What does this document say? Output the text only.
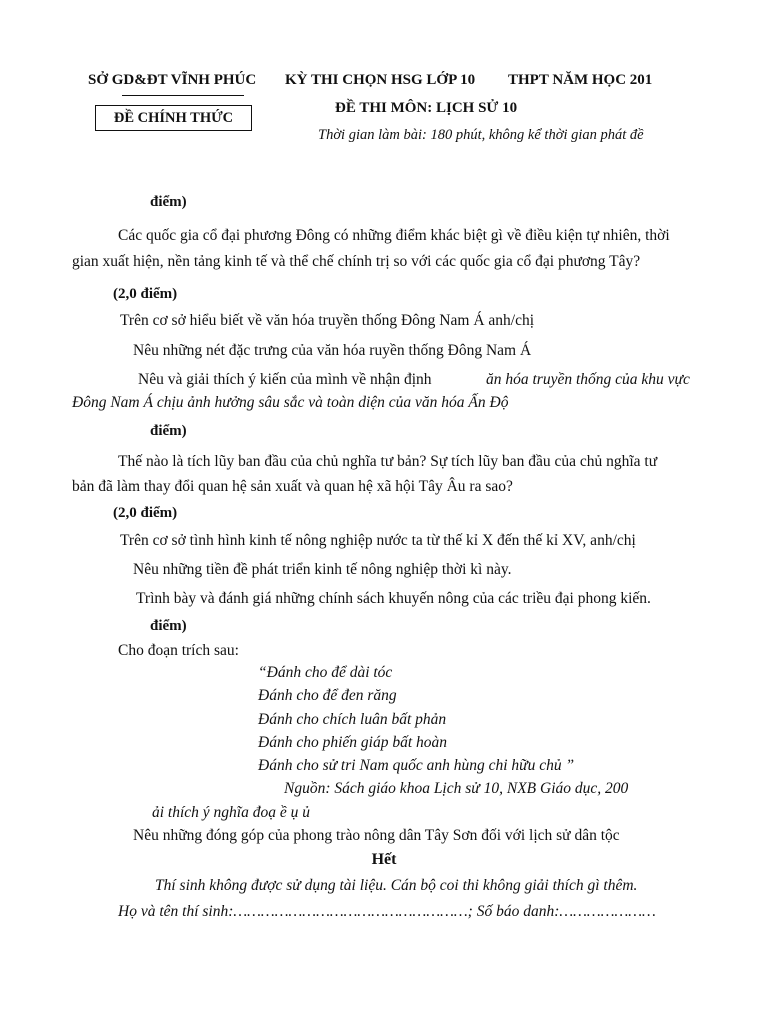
SỞ GD&ĐT VĨNH PHÚC KỲ THI CHỌN HSG LỚP 10 THPT NĂM HỌC 201
ĐỀ CHÍNH THỨC
ĐỀ THI MÔN: LỊCH SỬ 10
Thời gian làm bài: 180 phút, không kể thời gian phát đề
điểm)
Các quốc gia cổ đại phương Đông có những điểm khác biệt gì về điều kiện tự nhiên, thời
gian xuất hiện, nền tảng kinh tế và thể chế chính trị so với các quốc gia cổ đại phương Tây?
(2,0 điểm)
Trên cơ sở hiểu biết về văn hóa truyền thống Đông Nam Á anh/chị
Nêu những nét đặc trưng của văn hóa ruyền thống Đông Nam Á
Nêu và giải thích ý kiến của mình về nhận định	ăn hóa truyền thống của khu vực
Đông Nam Á chịu ảnh hưởng sâu sắc và toàn diện của văn hóa Ấn Độ
điểm)
Thế nào là tích lũy ban đầu của chủ nghĩa tư bản? Sự tích lũy ban đầu của chủ nghĩa tư
bản đã làm thay đổi quan hệ sản xuất và quan hệ xã hội Tây Âu ra sao?
(2,0 điểm)
Trên cơ sở tình hình kinh tế nông nghiệp nước ta từ thế kỉ X đến thế kỉ XV, anh/chị
Nêu những tiền đề phát triển kinh tế nông nghiệp thời kì này.
Trình bày và đánh giá những chính sách khuyến nông của các triều đại phong kiến.
điểm)
Cho đoạn trích sau:
“Đánh cho để dài tóc
Đánh cho để đen răng
Đánh cho chích luân bất phản
Đánh cho phiến giáp bất hoàn
Đánh cho sử tri Nam quốc anh hùng chi hữu chủ ”
Nguồn: Sách giáo khoa Lịch sử 10, NXB Giáo dục, 200
ải thích ý nghĩa đoạ ề ụ ủ
Nêu những đóng góp của phong trào nông dân Tây Sơn đối với lịch sử dân tộc
Hết
Thí sinh không được sử dụng tài liệu. Cán bộ coi thi không giải thích gì thêm.
Họ và tên thí sinh:……………………………………………; Số báo danh:…………………
